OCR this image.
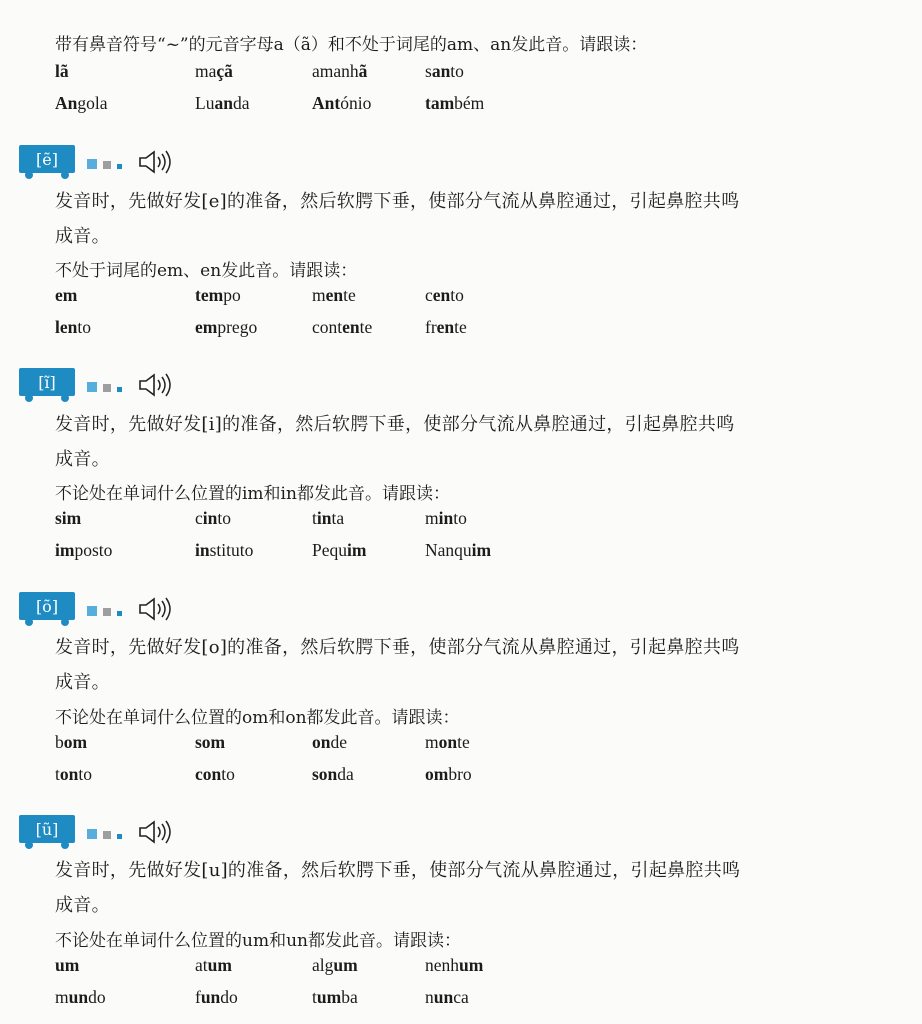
带有鼻音符号“~”的元音字母a（ã）和不处于词尾的am、an发此音。请跟读：
lã	maçã	amanhã	santo
Angola	Luanda	António	também
[ẽ]
发音时，先做好发[e]的准备，然后软腭下垂，使部分气流从鼻腔通过，引起鼻腔共鸣
成音。
不处于词尾的em、en发此音。请跟读：
em	tempo	mente	cento
lento	emprego	contente	frente
[ĩ]
发音时，先做好发[i]的准备，然后软腭下垂，使部分气流从鼻腔通过，引起鼻腔共鸣
成音。
不论处在单词什么位置的im和in都发此音。请跟读：
sim	cinto	tinta	minto
imposto	instituto	Pequim	Nanquim
[õ]
发音时，先做好发[o]的准备，然后软腭下垂，使部分气流从鼻腔通过，引起鼻腔共鸣
成音。
不论处在单词什么位置的om和on都发此音。请跟读：
bom	som	onde	monte
tonto	conto	sonda	ombro
[ũ]
发音时，先做好发[u]的准备，然后软腭下垂，使部分气流从鼻腔通过，引起鼻腔共鸣
成音。
不论处在单词什么位置的um和un都发此音。请跟读：
um	atum	algum	nenhum
mundo	fundo	tumba	nunca
